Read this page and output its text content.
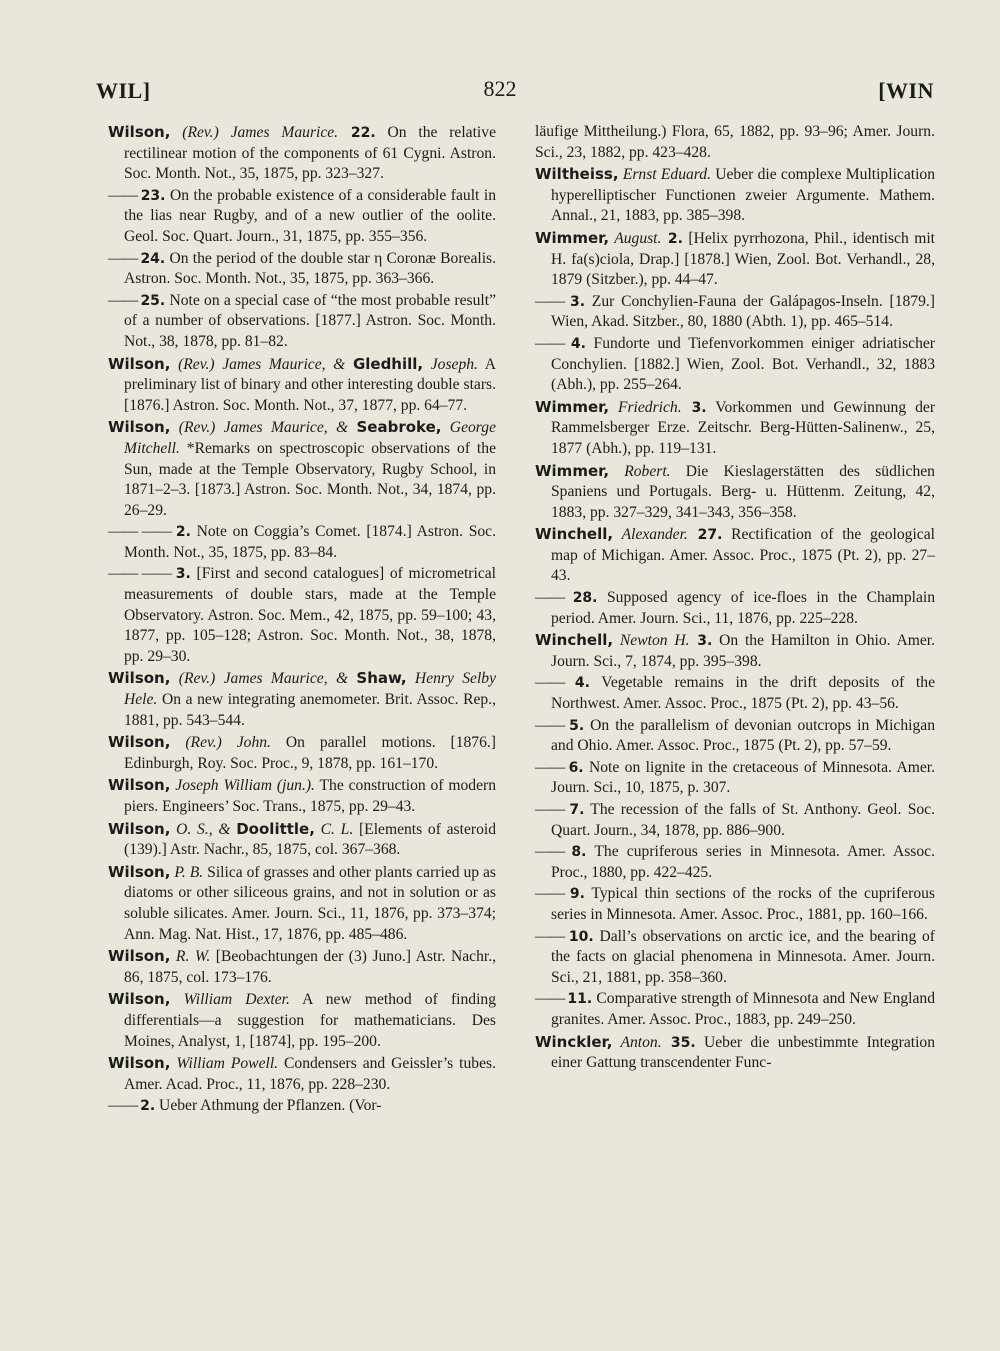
WIL]	822	[WIN

Wilson, (Rev.) James Maurice. 22. On the relative rectilinear motion of the components of 61 Cygni. Astron. Soc. Month. Not., 35, 1875, pp. 323–327.

—— 23. On the probable existence of a considerable fault in the lias near Rugby, and of a new outlier of the oolite. Geol. Soc. Quart. Journ., 31, 1875, pp. 355–356.

—— 24. On the period of the double star η Coronæ Borealis. Astron. Soc. Month. Not., 35, 1875, pp. 363–366.

—— 25. Note on a special case of “the most probable result” of a number of observations. [1877.] Astron. Soc. Month. Not., 38, 1878, pp. 81–82.

Wilson, (Rev.) James Maurice, & Gledhill, Joseph. A preliminary list of binary and other interesting double stars. [1876.] Astron. Soc. Month. Not., 37, 1877, pp. 64–77.

Wilson, (Rev.) James Maurice, & Seabroke, George Mitchell. *Remarks on spectroscopic observations of the Sun, made at the Temple Observatory, Rugby School, in 1871–2–3. [1873.] Astron. Soc. Month. Not., 34, 1874, pp. 26–29.

—— —— 2. Note on Coggia’s Comet. [1874.] Astron. Soc. Month. Not., 35, 1875, pp. 83–84.

—— —— 3. [First and second catalogues] of micrometrical measurements of double stars, made at the Temple Observatory. Astron. Soc. Mem., 42, 1875, pp. 59–100; 43, 1877, pp. 105–128; Astron. Soc. Month. Not., 38, 1878, pp. 29–30.

Wilson, (Rev.) James Maurice, & Shaw, Henry Selby Hele. On a new integrating anemometer. Brit. Assoc. Rep., 1881, pp. 543–544.

Wilson, (Rev.) John. On parallel motions. [1876.] Edinburgh, Roy. Soc. Proc., 9, 1878, pp. 161–170.

Wilson, Joseph William (jun.). The construction of modern piers. Engineers’ Soc. Trans., 1875, pp. 29–43.

Wilson, O. S., & Doolittle, C. L. [Elements of asteroid (139).] Astr. Nachr., 85, 1875, col. 367–368.

Wilson, P. B. Silica of grasses and other plants carried up as diatoms or other siliceous grains, and not in solution or as soluble silicates. Amer. Journ. Sci., 11, 1876, pp. 373–374; Ann. Mag. Nat. Hist., 17, 1876, pp. 485–486.

Wilson, R. W. [Beobachtungen der (3) Juno.] Astr. Nachr., 86, 1875, col. 173–176.

Wilson, William Dexter. A new method of finding differentials—a suggestion for mathematicians. Des Moines, Analyst, 1, [1874], pp. 195–200.

Wilson, William Powell. Condensers and Geissler’s tubes. Amer. Acad. Proc., 11, 1876, pp. 228–230.

—— 2. Ueber Athmung der Pflanzen. (Vor-

läufige Mittheilung.) Flora, 65, 1882, pp. 93–96; Amer. Journ. Sci., 23, 1882, pp. 423–428.

Wiltheiss, Ernst Eduard. Ueber die complexe Multiplication hyperelliptischer Functionen zweier Argumente. Mathem. Annal., 21, 1883, pp. 385–398.

Wimmer, August. 2. [Helix pyrrhozona, Phil., identisch mit H. fa(s)ciola, Drap.] [1878.] Wien, Zool. Bot. Verhandl., 28, 1879 (Sitzber.), pp. 44–47.

—— 3. Zur Conchylien-Fauna der Galápagos-Inseln. [1879.] Wien, Akad. Sitzber., 80, 1880 (Abth. 1), pp. 465–514.

—— 4. Fundorte und Tiefenvorkommen einiger adriatischer Conchylien. [1882.] Wien, Zool. Bot. Verhandl., 32, 1883 (Abh.), pp. 255–264.

Wimmer, Friedrich. 3. Vorkommen und Gewinnung der Rammelsberger Erze. Zeitschr. Berg-Hütten-Salinenw., 25, 1877 (Abh.), pp. 119–131.

Wimmer, Robert. Die Kieslagerstätten des südlichen Spaniens und Portugals. Berg- u. Hüttenm. Zeitung, 42, 1883, pp. 327–329, 341–343, 356–358.

Winchell, Alexander. 27. Rectification of the geological map of Michigan. Amer. Assoc. Proc., 1875 (Pt. 2), pp. 27–43.

—— 28. Supposed agency of ice-floes in the Champlain period. Amer. Journ. Sci., 11, 1876, pp. 225–228.

Winchell, Newton H. 3. On the Hamilton in Ohio. Amer. Journ. Sci., 7, 1874, pp. 395–398.

—— 4. Vegetable remains in the drift deposits of the Northwest. Amer. Assoc. Proc., 1875 (Pt. 2), pp. 43–56.

—— 5. On the parallelism of devonian outcrops in Michigan and Ohio. Amer. Assoc. Proc., 1875 (Pt. 2), pp. 57–59.

—— 6. Note on lignite in the cretaceous of Minnesota. Amer. Journ. Sci., 10, 1875, p. 307.

—— 7. The recession of the falls of St. Anthony. Geol. Soc. Quart. Journ., 34, 1878, pp. 886–900.

—— 8. The cupriferous series in Minnesota. Amer. Assoc. Proc., 1880, pp. 422–425.

—— 9. Typical thin sections of the rocks of the cupriferous series in Minnesota. Amer. Assoc. Proc., 1881, pp. 160–166.

—— 10. Dall’s observations on arctic ice, and the bearing of the facts on glacial phenomena in Minnesota. Amer. Journ. Sci., 21, 1881, pp. 358–360.

—— 11. Comparative strength of Minnesota and New England granites. Amer. Assoc. Proc., 1883, pp. 249–250.

Winckler, Anton. 35. Ueber die unbestimmte Integration einer Gattung transcendenter Func-
